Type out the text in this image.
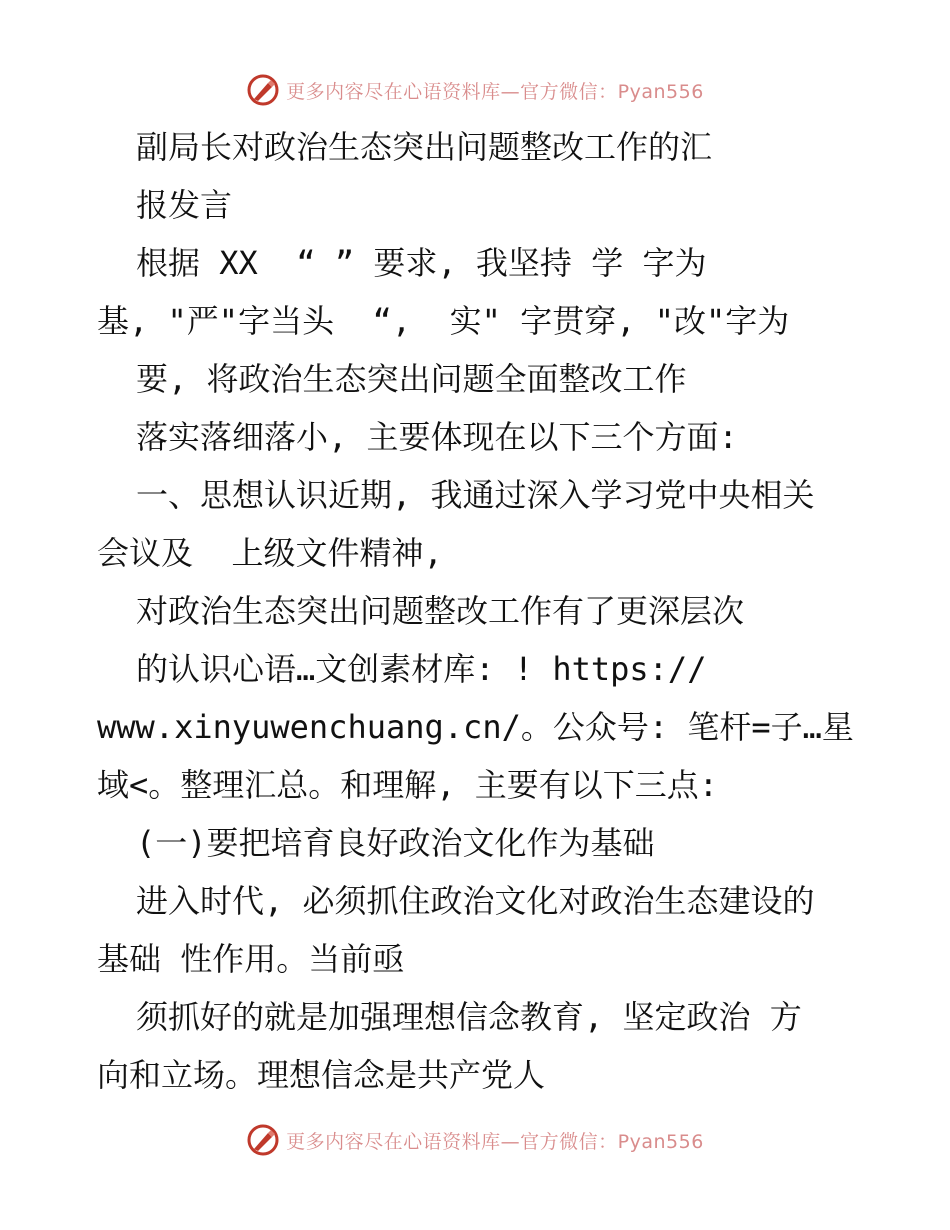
更多内容尽在心语资料库—官方微信：Pyan556
副局长对政治生态突出问题整改工作的汇
报发言
根据 XX  “ ” 要求, 我坚持 学 字为
基, "严"字当头  “,  实" 字贯穿, "改"字为
要, 将政治生态突出问题全面整改工作
落实落细落小, 主要体现在以下三个方面:
一、思想认识近期, 我通过深入学习党中央相关
会议及  上级文件精神,
对政治生态突出问题整改工作有了更深层次
的认识心语…文创素材库: ! https://
www.xinyuwenchuang.cn/。公众号: 笔杆=子…星
域<。整理汇总。和理解, 主要有以下三点:
(一)要把培育良好政治文化作为基础
进入时代, 必须抓住政治文化对政治生态建设的
基础 性作用。当前亟
须抓好的就是加强理想信念教育, 坚定政治 方
向和立场。理想信念是共产党人
更多内容尽在心语资料库—官方微信：Pyan556
